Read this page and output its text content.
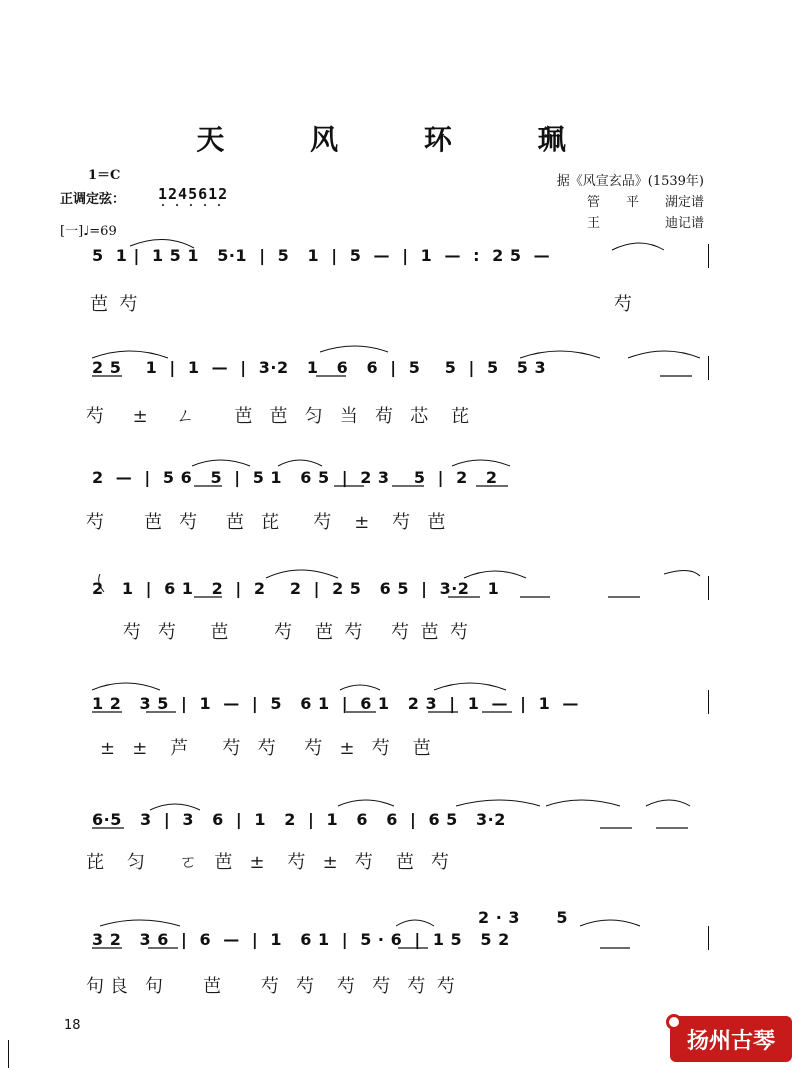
天 风 环 珮
1＝C
正调定弦： 1245612
[一]♩=69
据《风宣玄品》(1539年)
管　　平　　湖定谱
王　　　　　迪记谱
5  1 |  1 5 1   5·1  |  5   1  |  5  —  |  1  —  :  2 5  —
芭  芍	芍
2 5    1  |  1  —  |  3·2   1   6   6  |  5    5  |  5   5 3
芍     ±     ㄥ       芭   芭   匀   当   苟   芯    芘
2  —  |  5 6   5  |  5 1   6 5  |  2 3    5  |  2   2
芍       芭   芍     芭   芘      芍    ±    芍   芭
2   1  |  6 1   2  |  2    2  |  2 5   6 5  |  3·2   1
芍   芍      芭        芍    芭  芍     芍  芭  芍
1 2   3 5  |  1  —  |  5   6 1  |  6 1   2 3  |  1  —  |  1  —
±   ±    芦      芍   芍     芍   ±   芍    芭
6·5   3  |  3   6  |  1   2  |  1   6   6  |  6 5   3·2
芘    匀      ㄛ   芭   ±    芍   ±   芍    芭   芍
2 · 3      5
3 2   3 6  |  6  —  |  1   6 1  |  5 · 6  |  1 5   5 2
句 良   句       芭       芍   芍    芍   芍   芍  芍
18
扬州古琴
